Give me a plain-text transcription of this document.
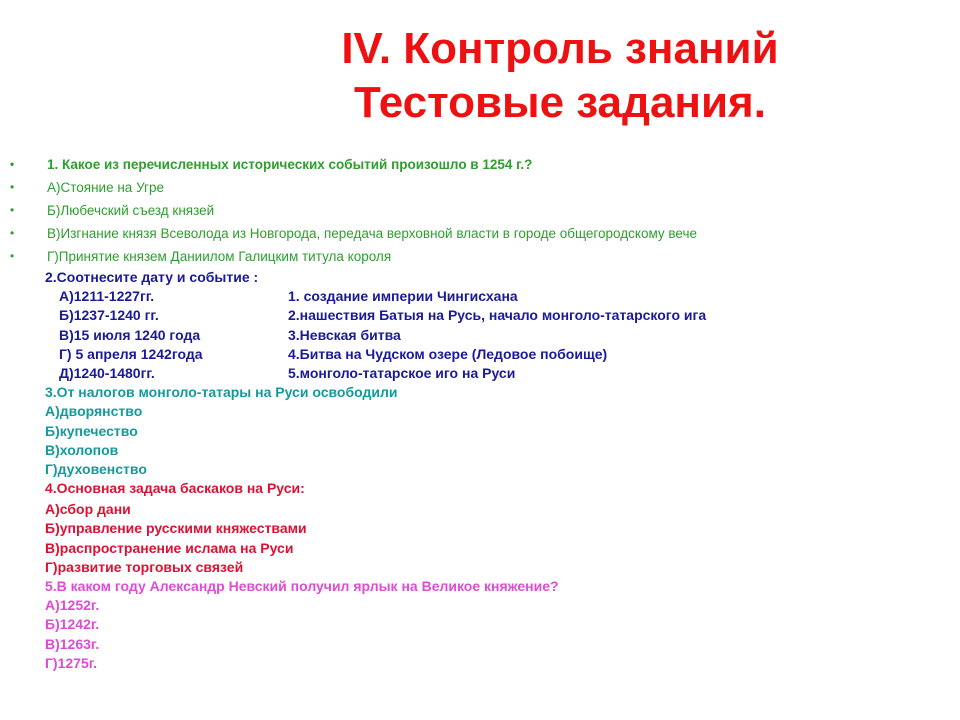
IV. Контроль знаний
Тестовые задания.
• 1. Какое из перечисленных исторических событий произошло в 1254 г.?
• А)Стояние на Угре
• Б)Любечский съезд князей
• В)Изгнание князя Всеволода из Новгорода, передача верховной власти в городе общегородскому вече
• Г)Принятие князем Даниилом Галицким титула короля
2.Соотнесите дату и событие :
А)1211-1227гг.	1. создание империи Чингисхана
Б)1237-1240 гг.	2.нашествия Батыя на Русь, начало монголо-татарского ига
В)15 июля 1240 года	3.Невская битва
Г) 5 апреля 1242года	4.Битва на Чудском озере (Ледовое побоище)
Д)1240-1480гг.	5.монголо-татарское иго на Руси
3.От налогов монголо-татары на Руси освободили
А)дворянство
Б)купечество
В)холопов
Г)духовенство
4.Основная задача баскаков на Руси:
А)сбор дани
Б)управление русскими княжествами
В)распространение ислама на Руси
Г)развитие торговых связей
5.В каком году Александр Невский получил ярлык на Великое княжение?
А)1252г.
Б)1242г.
В)1263г.
Г)1275г.
